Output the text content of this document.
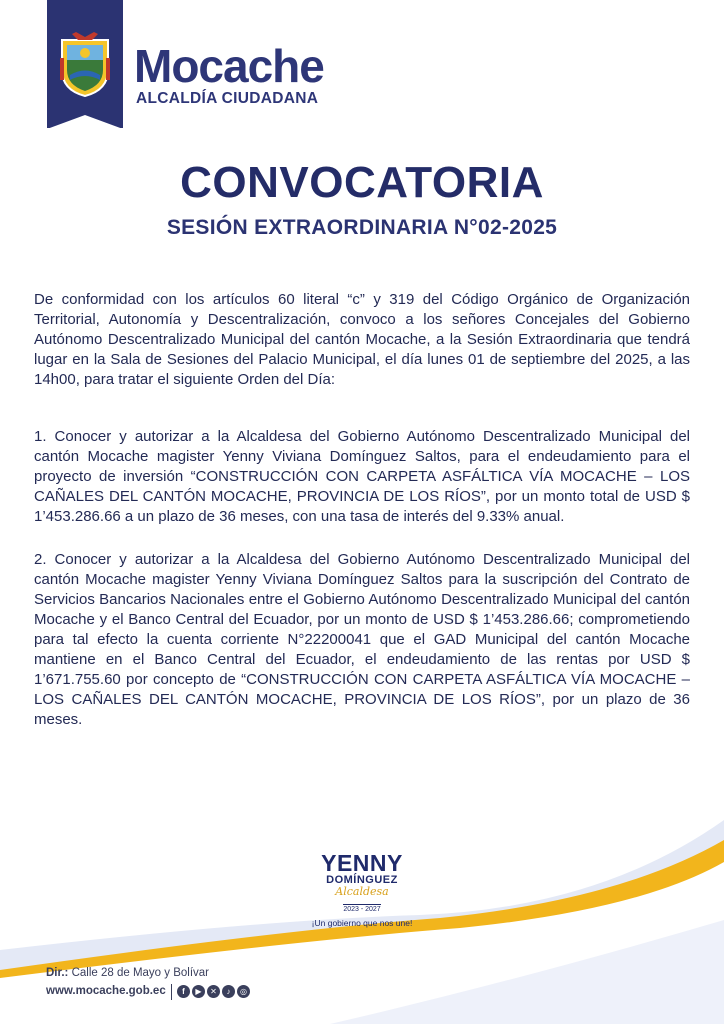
Mocache
ALCALDÍA CIUDADANA
CONVOCATORIA
SESIÓN EXTRAORDINARIA N°02-2025

De conformidad con los artículos 60 literal “c” y 319 del Código Orgánico de Organización Territorial, Autonomía y Descentralización, convoco a los señores Concejales del Gobierno Autónomo Descentralizado Municipal del cantón Mocache, a la Sesión Extraordinaria que tendrá lugar en la Sala de Sesiones del Palacio Municipal, el día lunes 01 de septiembre del 2025, a las 14h00, para tratar el siguiente Orden del Día:

1. Conocer y autorizar a la Alcaldesa del Gobierno Autónomo Descentralizado Municipal del cantón Mocache magister Yenny Viviana Domínguez Saltos, para el endeudamiento para el proyecto de inversión “CONSTRUCCIÓN CON CARPETA ASFÁLTICA VÍA MOCACHE – LOS CAÑALES DEL CANTÓN MOCACHE, PROVINCIA DE LOS RÍOS”, por un monto total de USD $ 1’453.286.66 a un plazo de 36 meses, con una tasa de interés del 9.33% anual.

2. Conocer y autorizar a la Alcaldesa del Gobierno Autónomo Descentralizado Municipal del cantón Mocache magister Yenny Viviana Domínguez Saltos para la suscripción del Contrato de Servicios Bancarios Nacionales entre el Gobierno Autónomo Descentralizado Municipal del cantón Mocache y el Banco Central del Ecuador, por un monto de USD $ 1’453.286.66; comprometiendo para tal efecto la cuenta corriente N°22200041 que el GAD Municipal del cantón Mocache mantiene en el Banco Central del Ecuador, el endeudamiento de las rentas por USD $ 1’671.755.60 por concepto de “CONSTRUCCIÓN CON CARPETA ASFÁLTICA VÍA MOCACHE – LOS CAÑALES DEL CANTÓN MOCACHE, PROVINCIA DE LOS RÍOS”, por un plazo de 36 meses.

YENNY
DOMÍNGUEZ
Alcaldesa
2023 - 2027
¡Un gobierno que nos une!
Dir.: Calle 28 de Mayo y Bolívar
www.mocache.gob.ec	f	▶	✕	♪	◎
